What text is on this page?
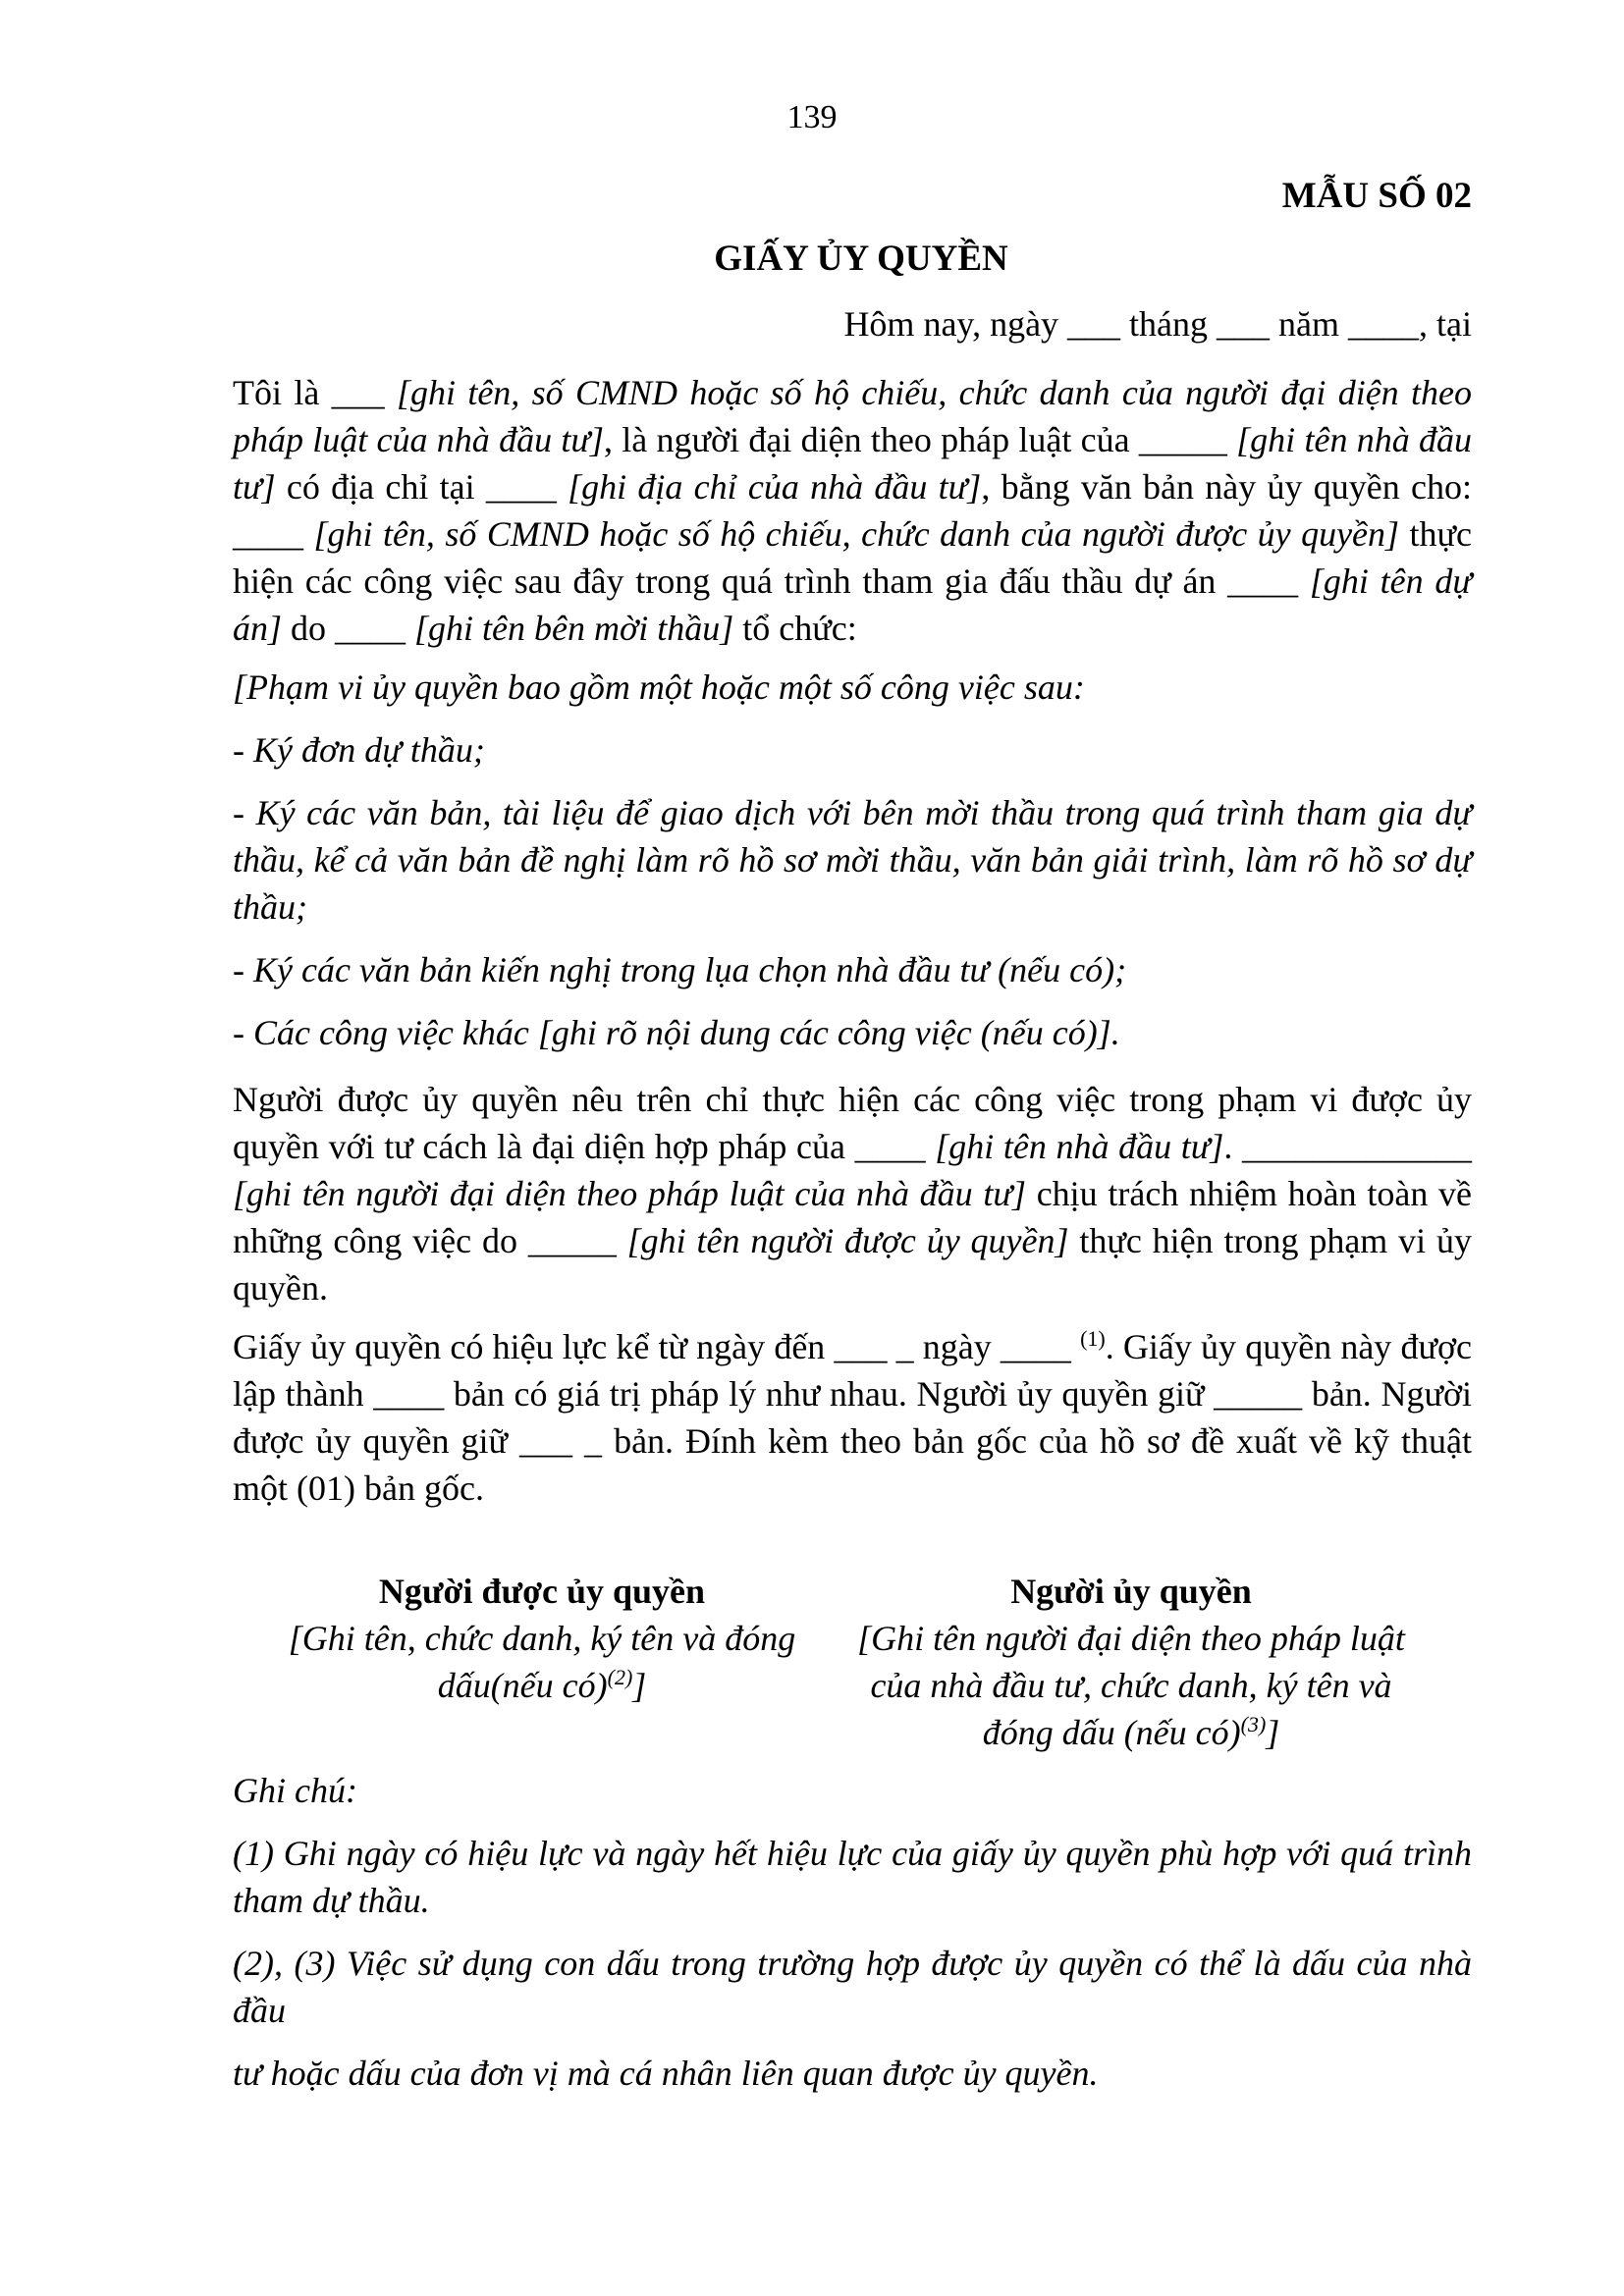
139
MẪU SỐ 02
GIẤY ỦY QUYỀN
Hôm nay, ngày ___ tháng ___ năm ____, tại

Tôi là ___ [ghi tên, số CMND hoặc số hộ chiếu, chức danh của người đại diện theo pháp luật của nhà đầu tư], là người đại diện theo pháp luật của _____ [ghi tên nhà đầu tư] có địa chỉ tại ____ [ghi địa chỉ của nhà đầu tư], bằng văn bản này ủy quyền cho: ____ [ghi tên, số CMND hoặc số hộ chiếu, chức danh của người được ủy quyền] thực hiện các công việc sau đây trong quá trình tham gia đấu thầu dự án ____ [ghi tên dự án] do ____ [ghi tên bên mời thầu] tổ chức:

[Phạm vi ủy quyền bao gồm một hoặc một số công việc sau:

- Ký đơn dự thầu;

- Ký các văn bản, tài liệu để giao dịch với bên mời thầu trong quá trình tham gia dự thầu, kể cả văn bản đề nghị làm rõ hồ sơ mời thầu, văn bản giải trình, làm rõ hồ sơ dự thầu;

- Ký các văn bản kiến nghị trong lụa chọn nhà đầu tư (nếu có);

- Các công việc khác [ghi rõ nội dung các công việc (nếu có)].

Người được ủy quyền nêu trên chỉ thực hiện các công việc trong phạm vi được ủy quyền với tư cách là đại diện hợp pháp của ____ [ghi tên nhà đầu tư]. _____________ [ghi tên người đại diện theo pháp luật của nhà đầu tư] chịu trách nhiệm hoàn toàn về những công việc do _____ [ghi tên người được ủy quyền] thực hiện trong phạm vi ủy quyền.

Giấy ủy quyền có hiệu lực kể từ ngày đến ___ _ ngày ____ $^{(1)}$. Giấy ủy quyền này được lập thành ____ bản có giá trị pháp lý như nhau. Người ủy quyền giữ _____ bản. Người được ủy quyền giữ ___ _ bản. Đính kèm theo bản gốc của hồ sơ đề xuất về kỹ thuật một (01) bản gốc.

Người được ủy quyền
[Ghi tên, chức danh, ký tên và đóng dấu(nếu có)$^{(2)}$]
Người ủy quyền
[Ghi tên người đại diện theo pháp luật của nhà đầu tư, chức danh, ký tên và đóng dấu (nếu có)$^{(3)}$]

Ghi chú:

(1) Ghi ngày có hiệu lực và ngày hết hiệu lực của giấy ủy quyền phù hợp với quá trình tham dự thầu.

(2), (3) Việc sử dụng con dấu trong trường hợp được ủy quyền có thể là dấu của nhà đầu

tư hoặc dấu của đơn vị mà cá nhân liên quan được ủy quyền.
